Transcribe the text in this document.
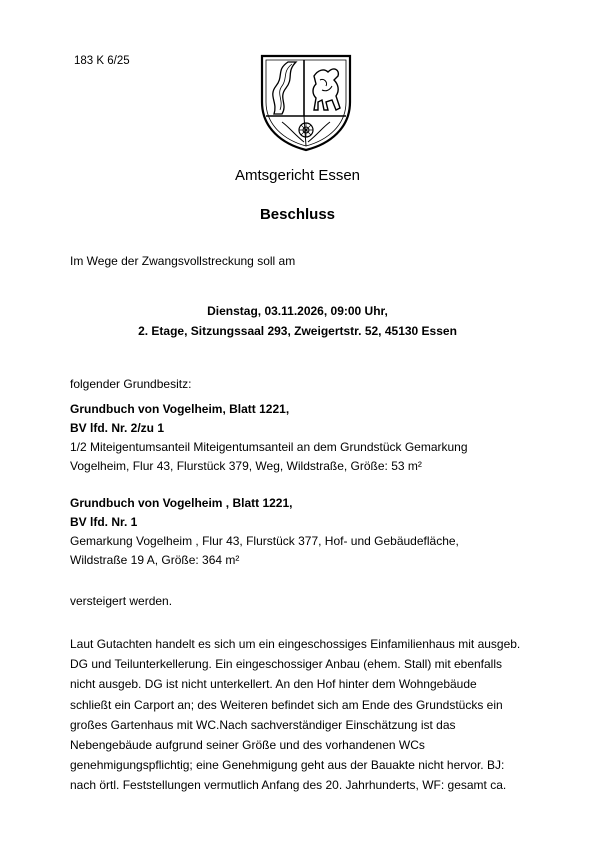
183 K 6/25
Amtsgericht Essen
Beschluss
Im Wege der Zwangsvollstreckung soll am
Dienstag, 03.11.2026, 09:00 Uhr,
2. Etage, Sitzungssaal 293, Zweigertstr. 52, 45130 Essen
folgender Grundbesitz:
Grundbuch von Vogelheim, Blatt 1221,
BV lfd. Nr. 2/zu 1
1/2 Miteigentumsanteil Miteigentumsanteil an dem Grundstück Gemarkung
Vogelheim, Flur 43, Flurstück 379, Weg, Wildstraße, Größe: 53 m²
Grundbuch von Vogelheim , Blatt 1221,
BV lfd. Nr. 1
Gemarkung Vogelheim , Flur 43, Flurstück 377, Hof- und Gebäudefläche,
Wildstraße 19 A, Größe: 364 m²
versteigert werden.
Laut Gutachten handelt es sich um ein eingeschossiges Einfamilienhaus mit ausgeb.
DG und Teilunterkellerung. Ein eingeschossiger Anbau (ehem. Stall) mit ebenfalls
nicht ausgeb. DG ist nicht unterkellert. An den Hof hinter dem Wohngebäude
schließt ein Carport an; des Weiteren befindet sich am Ende des Grundstücks ein
großes Gartenhaus mit WC.Nach sachverständiger Einschätzung ist das
Nebengebäude aufgrund seiner Größe und des vorhandenen WCs
genehmigungspflichtig; eine Genehmigung geht aus der Bauakte nicht hervor. BJ:
nach örtl. Feststellungen vermutlich Anfang des 20. Jahrhunderts, WF: gesamt ca.
